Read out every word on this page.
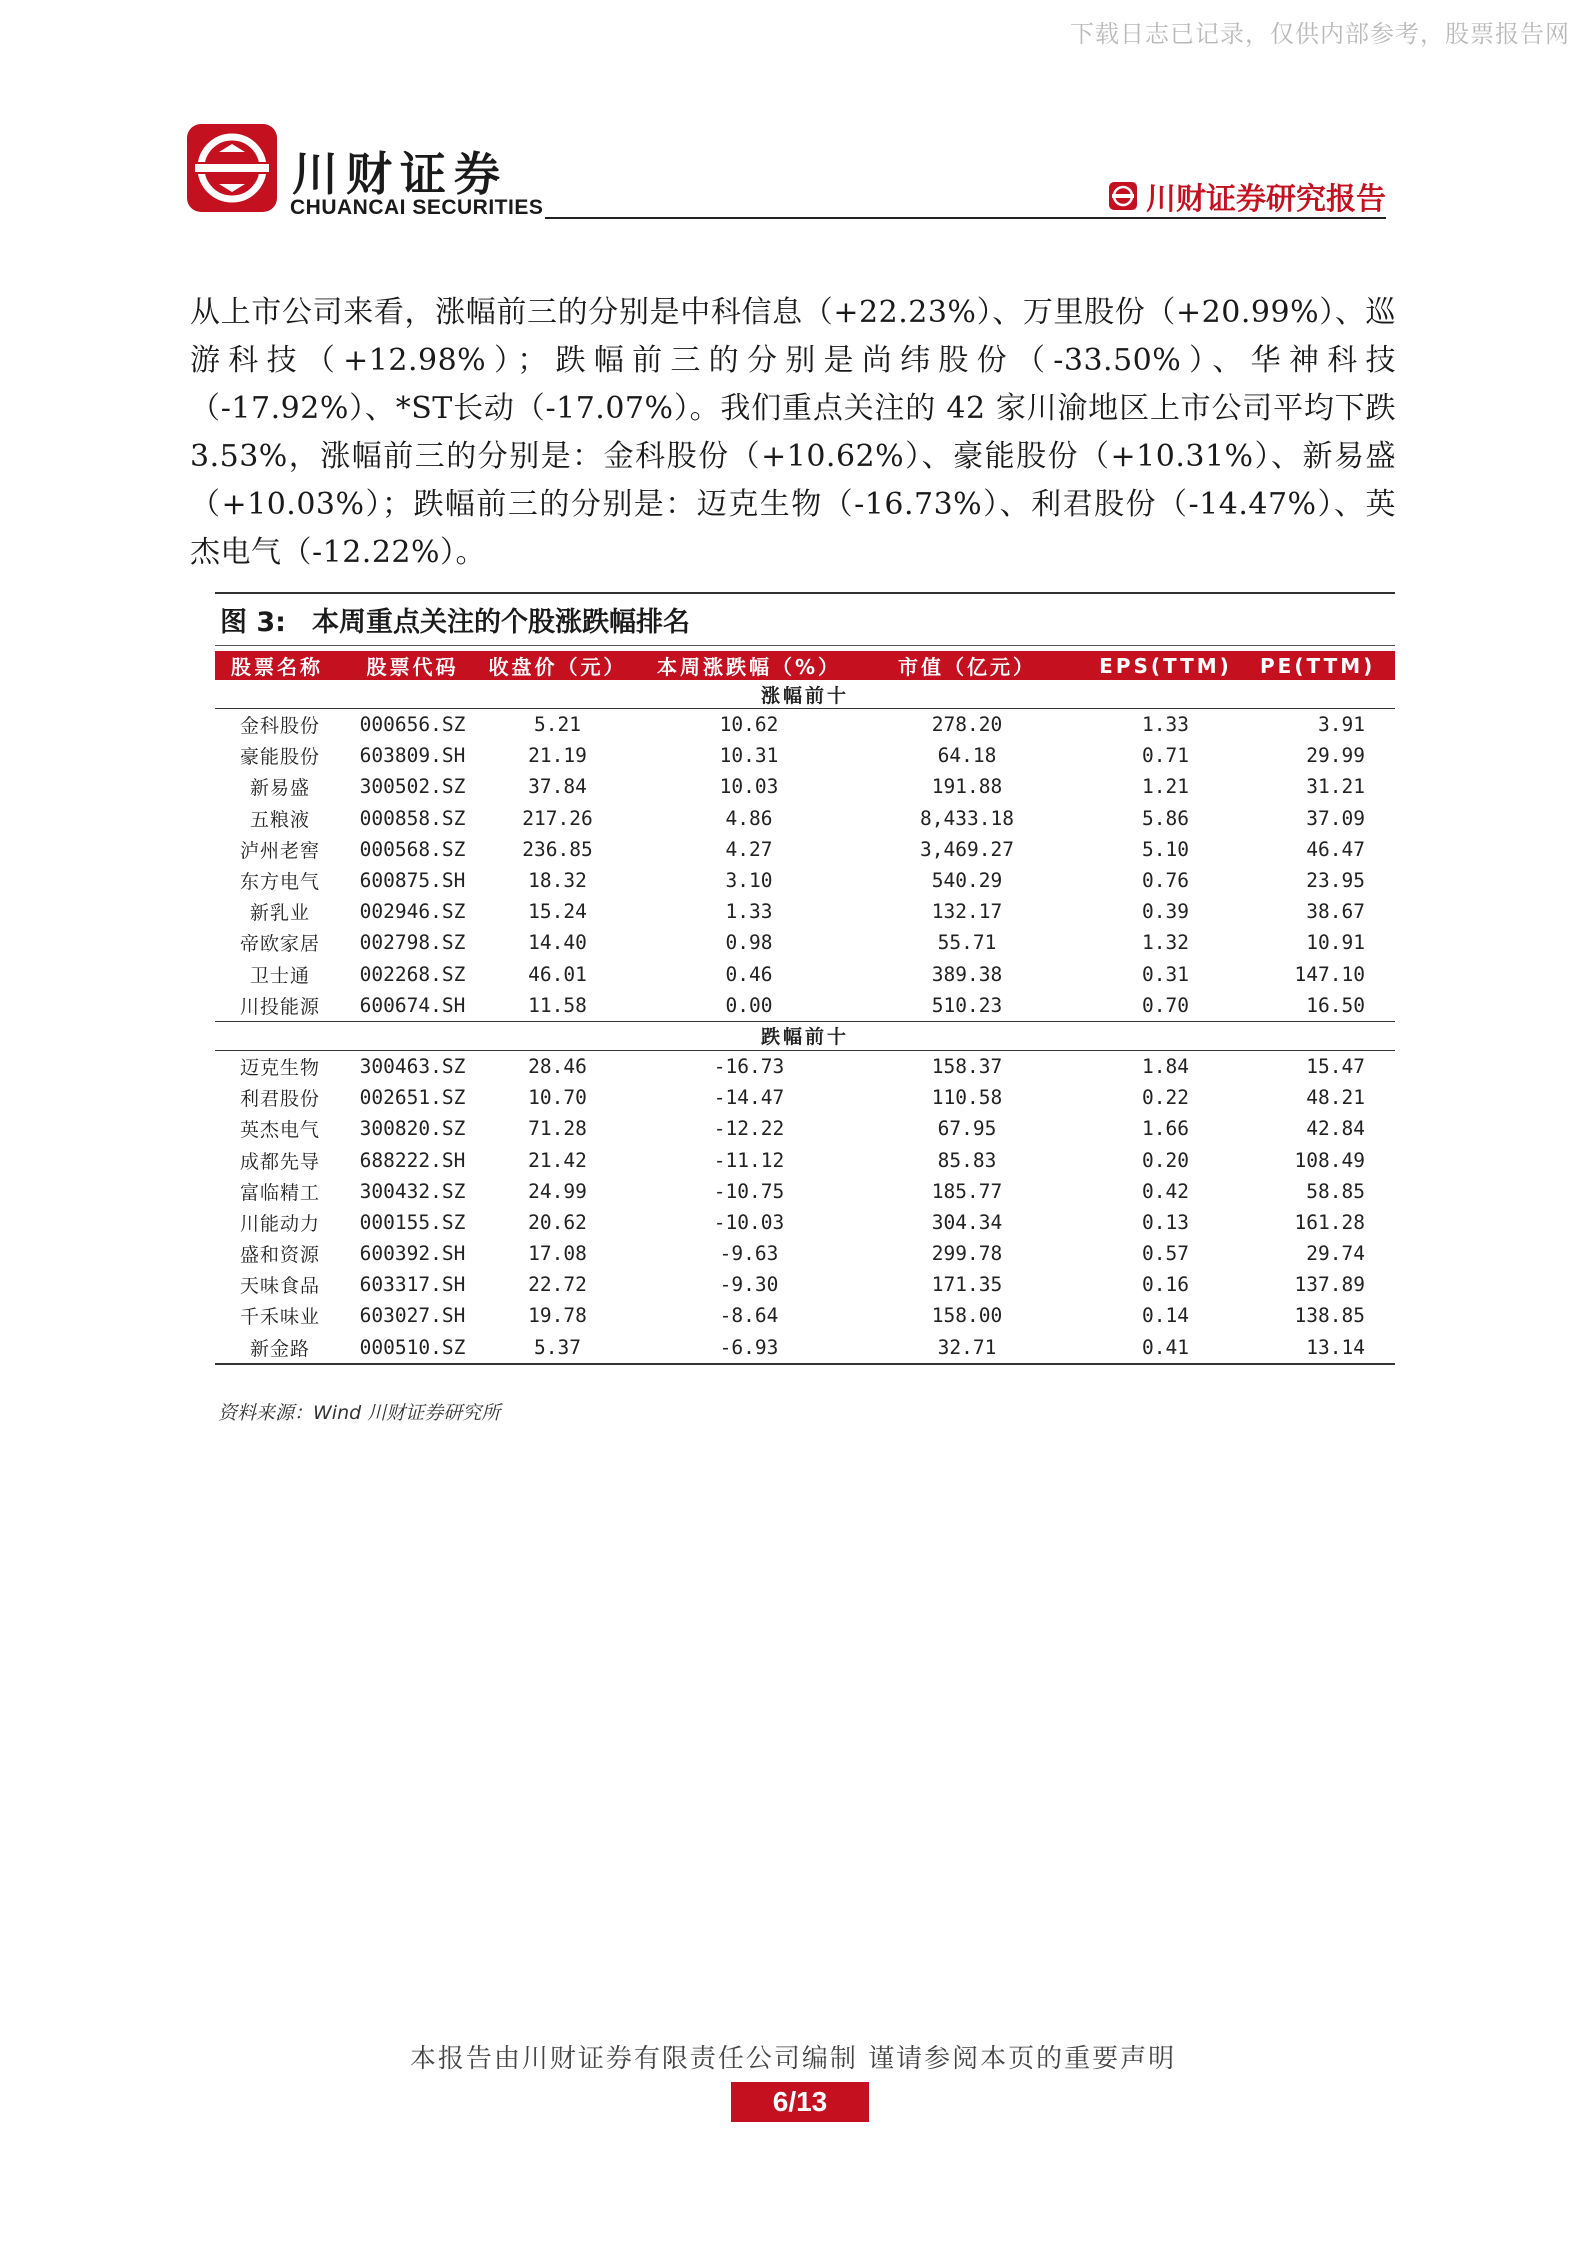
下载日志已记录，仅供内部参考，股票报告网
川财证券
CHUANCAI SECURITIES	川财证券研究报告

从上市公司来看，涨幅前三的分别是中科信息（+22.23%）、万里股份（+20.99%）、巡游科技（+12.98%）；跌幅前三的分别是尚纬股份（-33.50%）、华神科技（-17.92%）、*ST长动（-17.07%）。我们重点关注的 42 家川渝地区上市公司平均下跌 3.53%，涨幅前三的分别是：金科股份（+10.62%）、豪能股份（+10.31%）、新易盛（+10.03%）；跌幅前三的分别是：迈克生物（-16.73%）、利君股份（-14.47%）、英杰电气（-12.22%）。

图 3: 本周重点关注的个股涨跌幅排名
股票名称	股票代码	收盘价（元）	本周涨跌幅（%）	市值（亿元）	EPS(TTM)	PE(TTM)
涨幅前十						
金科股份	000656.SZ	5.21	10.62	278.20	1.33	3.91
豪能股份	603809.SH	21.19	10.31	64.18	0.71	29.99
新易盛	300502.SZ	37.84	10.03	191.88	1.21	31.21
五粮液	000858.SZ	217.26	4.86	8,433.18	5.86	37.09
泸州老窖	000568.SZ	236.85	4.27	3,469.27	5.10	46.47
东方电气	600875.SH	18.32	3.10	540.29	0.76	23.95
新乳业	002946.SZ	15.24	1.33	132.17	0.39	38.67
帝欧家居	002798.SZ	14.40	0.98	55.71	1.32	10.91
卫士通	002268.SZ	46.01	0.46	389.38	0.31	147.10
川投能源	600674.SH	11.58	0.00	510.23	0.70	16.50
跌幅前十						
迈克生物	300463.SZ	28.46	-16.73	158.37	1.84	15.47
利君股份	002651.SZ	10.70	-14.47	110.58	0.22	48.21
英杰电气	300820.SZ	71.28	-12.22	67.95	1.66	42.84
成都先导	688222.SH	21.42	-11.12	85.83	0.20	108.49
富临精工	300432.SZ	24.99	-10.75	185.77	0.42	58.85
川能动力	000155.SZ	20.62	-10.03	304.34	0.13	161.28
盛和资源	600392.SH	17.08	-9.63	299.78	0.57	29.74
天味食品	603317.SH	22.72	-9.30	171.35	0.16	137.89
千禾味业	603027.SH	19.78	-8.64	158.00	0.14	138.85
新金路	000510.SZ	5.37	-6.93	32.71	0.41	13.14
资料来源：Wind 川财证券研究所
本报告由川财证券有限责任公司编制 谨请参阅本页的重要声明
6/13
